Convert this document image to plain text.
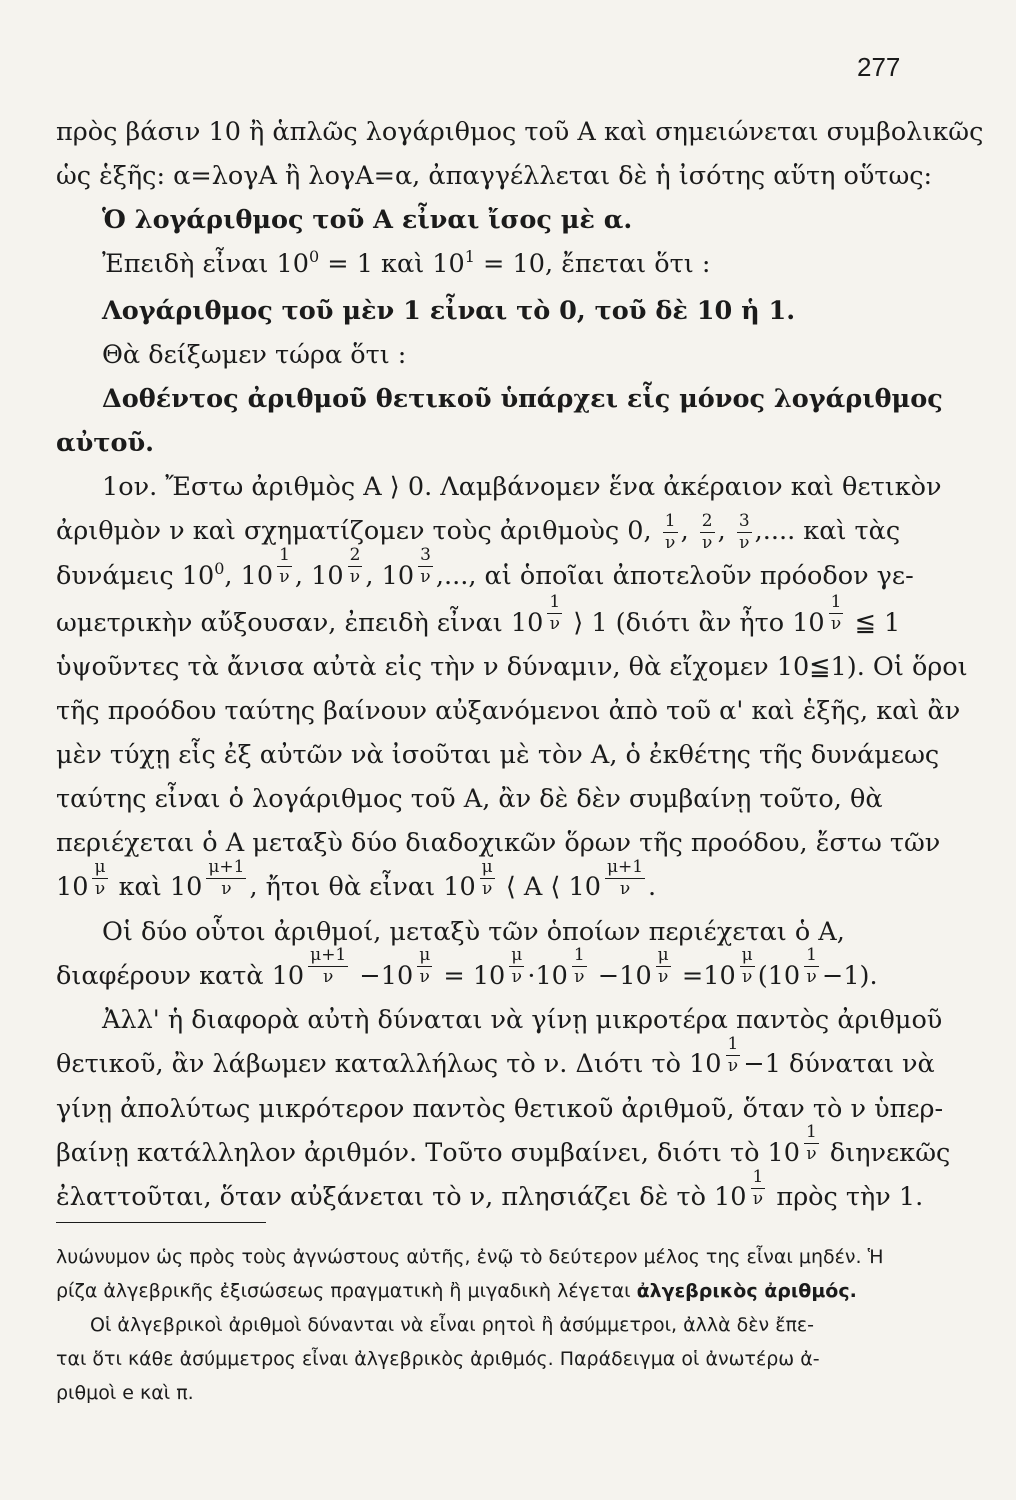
277
πρὸς βάσιν 10 ἢ ἁπλῶς λογάριθμος τοῦ Α καὶ σημειώνεται συμβολικῶς
ὡς ἑξῆς: α=λογΑ ἢ λογΑ=α, ἀπαγγέλλεται δὲ ἡ ἰσότης αὕτη οὕτως:
Ὁ λογάριθμος τοῦ Α εἶναι ἴσος μὲ α.
Ἐπειδὴ εἶναι $10^0 = 1$ καὶ $10^1 = 10$, ἔπεται ὅτι :
Λογάριθμος τοῦ μὲν 1 εἶναι τὸ 0, τοῦ δὲ 10 ἡ 1.
Θὰ δείξωμεν τώρα ὅτι :
Δοθέντος ἀριθμοῦ θετικοῦ ὑπάρχει εἷς μόνος λογάριθμος
αὐτοῦ.
1ον. Ἔστω ἀριθμὸς Α ⟩ 0. Λαμβάνομεν ἕνα ἀκέραιον καὶ θετικὸν
ἀριθμὸν ν καὶ σχηματίζομεν τοὺς ἀριθμοὺς 0, $\frac{1}{\nu}$ , $\frac{2}{\nu}$ , $\frac{3}{\nu}$ ,.... καὶ τὰς
δυνάμεις $10^0$, $10 \frac{1}{\nu}$ , $10 \frac{2}{\nu}$ , $10 \frac{3}{\nu}$ ,..., αἱ ὁποῖαι ἀποτελοῦν πρόοδον γε-
ωμετρικὴν αὔξουσαν, ἐπειδὴ εἶναι $10 \frac{1}{\nu}$ ⟩ 1 (διότι ἂν ἦτο $10 \frac{1}{\nu}$ ≦ 1
ὑψοῦντες τὰ ἄνισα αὐτὰ εἰς τὴν ν δύναμιν, θὰ εἴχομεν 10≦1). Οἱ ὅροι
τῆς προόδου ταύτης βαίνουν αὐξανόμενοι ἀπὸ τοῦ α' καὶ ἑξῆς, καὶ ἂν
μὲν τύχῃ εἷς ἐξ αὐτῶν νὰ ἰσοῦται μὲ τὸν Α, ὁ ἐκθέτης τῆς δυνάμεως
ταύτης εἶναι ὁ λογάριθμος τοῦ Α, ἂν δὲ δὲν συμβαίνῃ τοῦτο, θὰ
περιέχεται ὁ Α μεταξὺ δύο διαδοχικῶν ὅρων τῆς προόδου, ἔστω τῶν
$10 \frac{\mu}{\nu}$ καὶ $10 \frac{\mu+1}{\nu}$ , ἤτοι θὰ εἶναι $10 \frac{\mu}{\nu}$ ⟨ Α ⟨ $10 \frac{\mu+1}{\nu}$ .
Οἱ δύο οὗτοι ἀριθμοί, μεταξὺ τῶν ὁποίων περιέχεται ὁ Α,
διαφέρουν κατὰ $10 \frac{\mu+1}{\nu} -10 \frac{\mu}{\nu} = 10 \frac{\mu}{\nu} \cdot 10 \frac{1}{\nu} -10 \frac{\mu}{\nu} =10 \frac{\mu}{\nu} (10 \frac{1}{\nu} -1)$.
Ἀλλ' ἡ διαφορὰ αὐτὴ δύναται νὰ γίνῃ μικροτέρα παντὸς ἀριθμοῦ
θετικοῦ, ἂν λάβωμεν καταλλήλως τὸ ν. Διότι τὸ $10 \frac{1}{\nu} -1$ δύναται νὰ
γίνῃ ἀπολύτως μικρότερον παντὸς θετικοῦ ἀριθμοῦ, ὅταν τὸ ν ὑπερ-
βαίνῃ κατάλληλον ἀριθμόν. Τοῦτο συμβαίνει, διότι τὸ $10 \frac{1}{\nu}$ διηνεκῶς
ἐλαττοῦται, ὅταν αὐξάνεται τὸ ν, πλησιάζει δὲ τὸ $10 \frac{1}{\nu}$ πρὸς τὴν 1.
λυώνυμον ὡς πρὸς τοὺς ἀγνώστους αὐτῆς, ἐνῷ τὸ δεύτερον μέλος της εἶναι μηδέν. Ἡ
ρίζα ἀλγεβρικῆς ἐξισώσεως πραγματικὴ ἢ μιγαδικὴ λέγεται ἀλγεβρικὸς ἀριθμός.
Οἱ ἀλγεβρικοὶ ἀριθμοὶ δύνανται νὰ εἶναι ρητοὶ ἢ ἀσύμμετροι, ἀλλὰ δὲν ἔπε-
ται ὅτι κάθε ἀσύμμετρος εἶναι ἀλγεβρικὸς ἀριθμός. Παράδειγμα οἱ ἀνωτέρω ἀ-
ριθμοὶ e καὶ π.
